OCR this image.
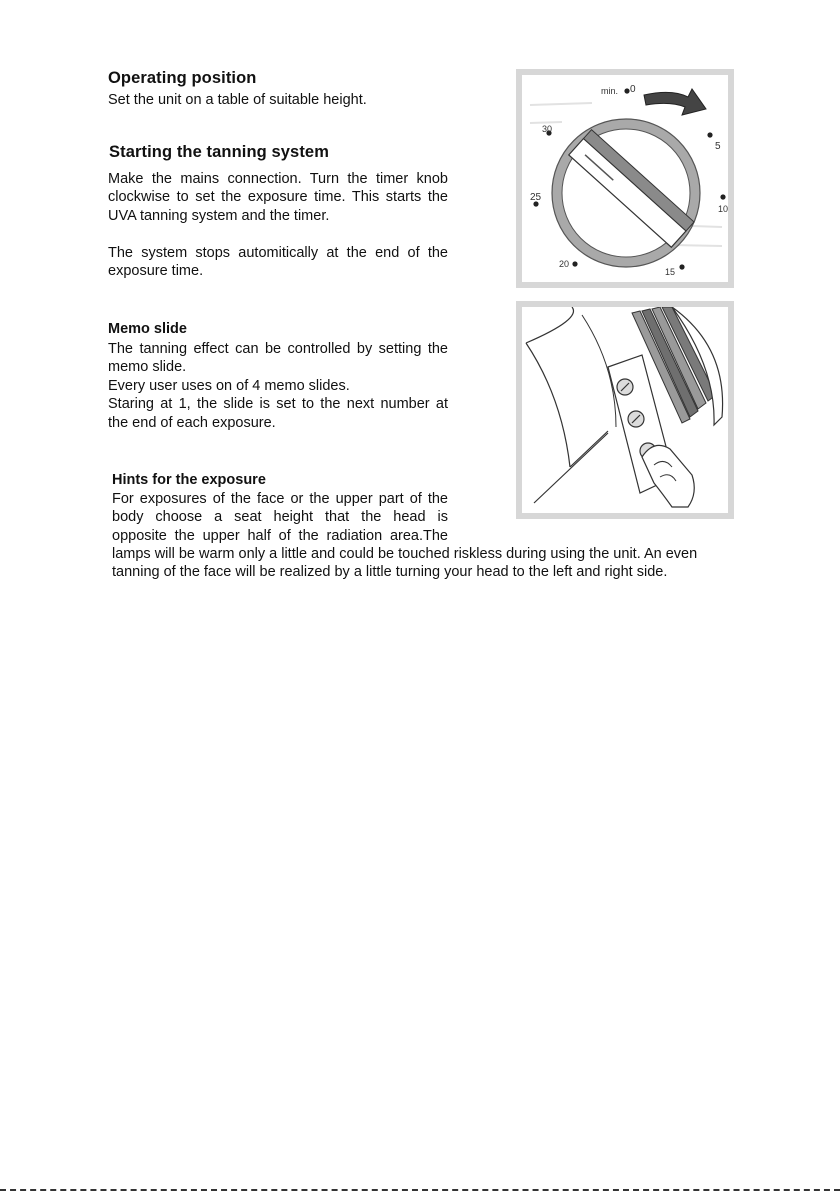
Operating position
Set the unit on a table of suitable height.
Starting the tanning system
Make the mains connection. Turn the timer knob
clockwise to set the exposure time. This starts the
UVA tanning system and the timer.
The system stops automitically at the end of the
exposure time.
Memo slide
The tanning effect can be controlled by setting the
memo slide.
Every user uses on of 4 memo slides.
Staring at 1, the slide is set to the next number at
the end of each exposure.
Hints for the exposure
For exposures of the face or the upper part of the
body choose a seat height that the head is
opposite the upper half of the radiation area.The
lamps will be warm only a little and could be touched riskless during using the unit. An even
tanning of the face will be realized by a little turning your head to the left and right side.
min. 0
5
10
15
20
25
30
